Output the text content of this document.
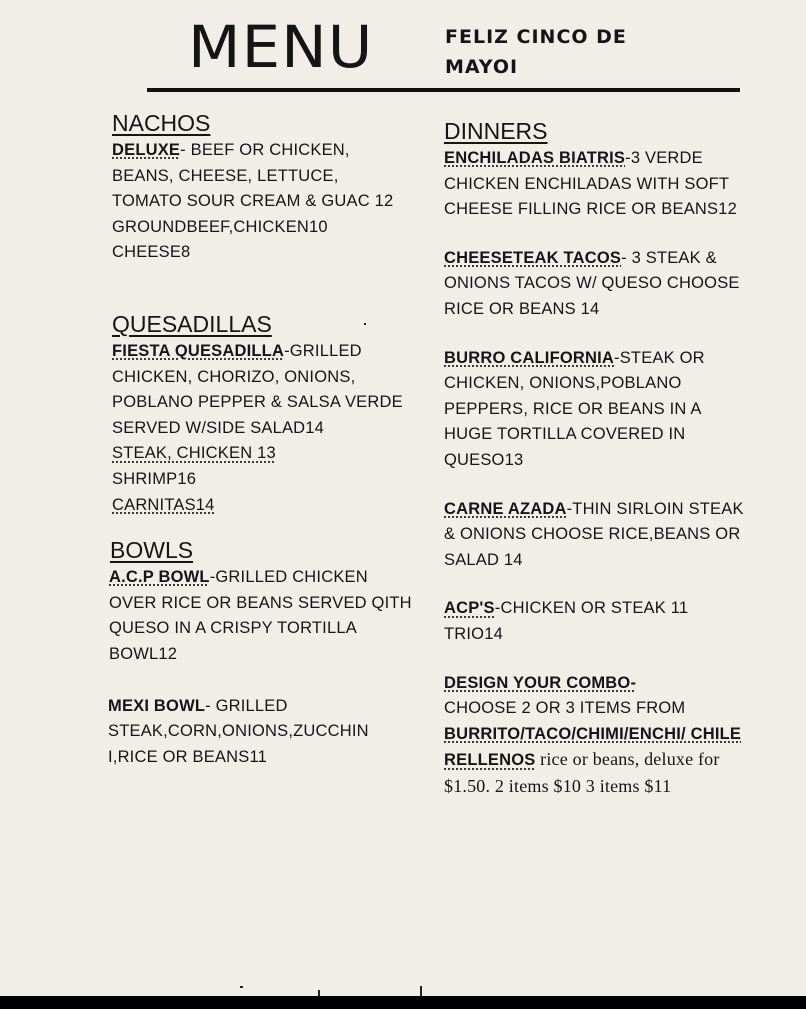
MENU	FELIZ CINCO DE
MAYOI
NACHOS
DELUXE- BEEF OR CHICKEN, BEANS, CHEESE, LETTUCE, TOMATO SOUR CREAM & GUAC 12
GROUNDBEEF,CHICKEN10
CHEESE8
QUESADILLAS
FIESTA QUESADILLA-GRILLED CHICKEN, CHORIZO, ONIONS, POBLANO PEPPER & SALSA VERDE SERVED W/SIDE SALAD14
STEAK, CHICKEN 13
SHRIMP16
CARNITAS14
BOWLS
A.C.P BOWL-GRILLED CHICKEN OVER RICE OR BEANS SERVED QITH QUESO IN A CRISPY TORTILLA BOWL12
MEXI BOWL- GRILLED STEAK,CORN,ONIONS,ZUCCHIN I,RICE OR BEANS11
DINNERS
ENCHILADAS BIATRIS-3 VERDE CHICKEN ENCHILADAS WITH SOFT CHEESE FILLING RICE OR BEANS12
CHEESETEAK TACOS- 3 STEAK & ONIONS TACOS W/ QUESO CHOOSE RICE OR BEANS 14
BURRO CALIFORNIA-STEAK OR CHICKEN, ONIONS,POBLANO PEPPERS, RICE OR BEANS IN A HUGE TORTILLA COVERED IN QUESO13
CARNE AZADA-THIN SIRLOIN STEAK & ONIONS CHOOSE RICE,BEANS OR SALAD 14
ACP'S-CHICKEN OR STEAK 11
TRIO14
DESIGN YOUR COMBO-
CHOOSE 2 OR 3 ITEMS FROM
BURRITO/TACO/CHIMI/ENCHI/ CHILE RELLENOS rice or beans, deluxe for $1.50. 2 items $10 3 items $11
